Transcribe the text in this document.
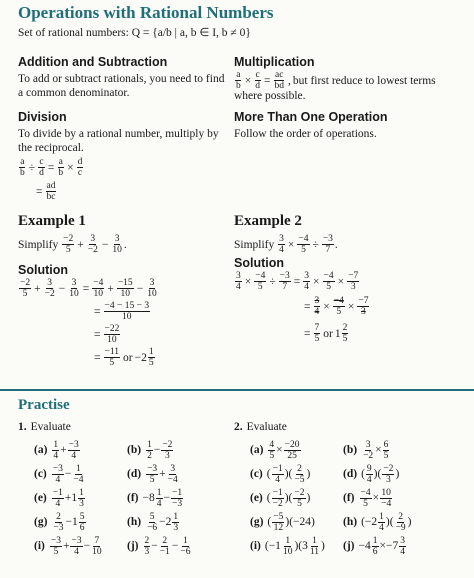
Operations with Rational Numbers
Set of rational numbers: Q = {a/b | a, b ∈ I, b ≠ 0}
Addition and Subtraction
To add or subtract rationals, you need to find
a common denominator.
Multiplication
$\frac{a}{b} \times \frac{c}{d} = \frac{ac}{bd}$ , but first reduce to lowest terms
where possible.
Division
To divide by a rational number, multiply by
the reciprocal.
$\frac{a}{b} \div \frac{c}{d} = \frac{a}{b} \times \frac{d}{c}$
= $\frac{ad}{bc}$
More Than One Operation
Follow the order of operations.
Example 1
Simplify
$\frac{-2}{5} + \frac{3}{-2} - \frac{3}{10}$ .
Solution
$\frac{-2}{5} + \frac{3}{-2} - \frac{3}{10} = \frac{-4}{10} + \frac{-15}{10} - \frac{3}{10}$
= $\frac{-4 - 15 - 3}{10}$
= $\frac{-22}{10}$
= $\frac{-11}{5}$ or $-2 \frac{1}{5}$
Example 2
Simplify
$\frac{3}{4} \times \frac{-4}{5} \div \frac{-3}{7}$ .
Solution
$\frac{3}{4} \times \frac{-4}{5} \div \frac{-3}{7} = \frac{3}{4} \times \frac{-4}{5} \times \frac{-7}{3}$
= $\frac{3}{4} \times \frac{-4}{5} \times \frac{-7}{3}$
= $\frac{7}{5}$ or $1 \frac{2}{5}$
Practise
1. Evaluate	2. Evaluate
$(a) \frac{1}{4} + \frac{-3}{4}$
$(c) \frac{-3}{4} - \frac{1}{-4}$
$(e) \frac{-1}{4} + 1 \frac{1}{3}$
$(g) \frac{2}{-3} - 1 \frac{5}{6}$
$(i) \frac{-3}{5} + \frac{-3}{4} - \frac{7}{10}$
$(b) \frac{1}{2} - \frac{-2}{3}$
$(d) \frac{-3}{5} + \frac{3}{-4}$
$(f) -8 \frac{1}{4} - \frac{-1}{-3}$
$(h) \frac{5}{-6} - 2 \frac{1}{3}$
$(j) \frac{2}{3} - \frac{2}{-1} - \frac{1}{-6}$
$(a) \frac{4}{5} \times \frac{-20}{25}$
(c) ( $\frac{-1}{4}$ )( $\frac{2}{-5}$ )
(e) ( $\frac{-1}{-2}$ )( $\frac{-2}{5}$ )
(g) ( $\frac{-5}{12} )(-24)$
(i) $(-1 \frac{1}{10} )(3 \frac{1}{11}$ )
$(b) \frac{3}{-2} \times \frac{6}{5}$
(d) ( $\frac{9}{4}$ )( $\frac{-2}{3}$ )
$(f) \frac{-4}{5} \times \frac{10}{-4}$
(h) ($-2 \frac{1}{4}$ )( $\frac{2}{-9}$ )
$(j) -4 \frac{1}{6} \times -7 \frac{3}{4}$
